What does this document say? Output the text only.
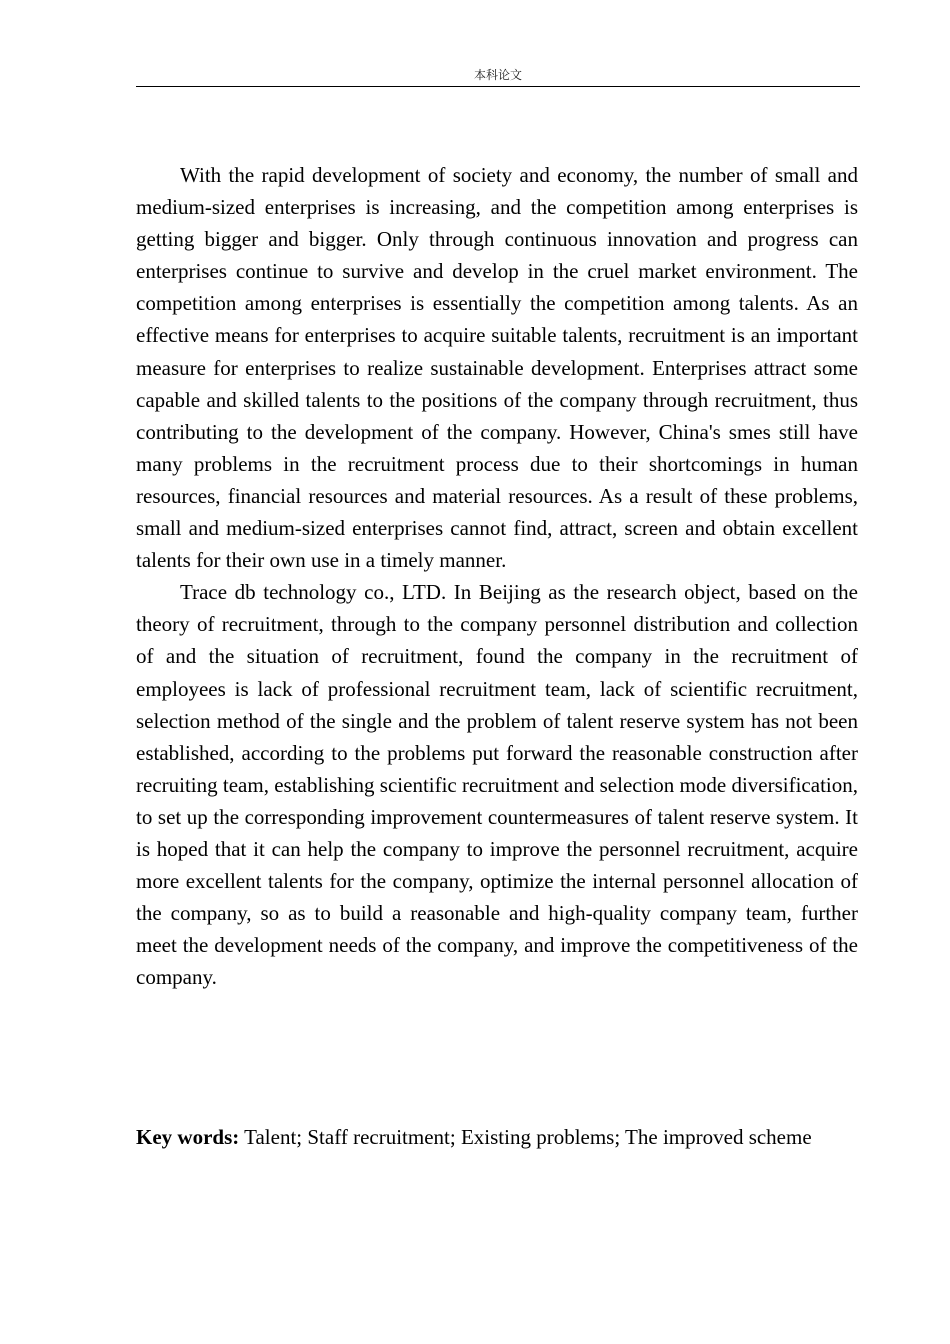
本科论文

With the rapid development of society and economy, the number of small and medium-sized enterprises is increasing, and the competition among enterprises is getting bigger and bigger. Only through continuous innovation and progress can enterprises continue to survive and develop in the cruel market environment. The competition among enterprises is essentially the competition among talents. As an effective means for enterprises to acquire suitable talents, recruitment is an important measure for enterprises to realize sustainable development. Enterprises attract some capable and skilled talents to the positions of the company through recruitment, thus contributing to the development of the company. However, China's smes still have many problems in the recruitment process due to their shortcomings in human resources, financial resources and material resources. As a result of these problems, small and medium-sized enterprises cannot find, attract, screen and obtain excellent talents for their own use in a timely manner.

Trace db technology co., LTD. In Beijing as the research object, based on the theory of recruitment, through to the company personnel distribution and collection of and the situation of recruitment, found the company in the recruitment of employees is lack of professional recruitment team, lack of scientific recruitment, selection method of the single and the problem of talent reserve system has not been established, according to the problems put forward the reasonable construction after recruiting team, establishing scientific recruitment and selection mode diversification, to set up the corresponding improvement countermeasures of talent reserve system. It is hoped that it can help the company to improve the personnel recruitment, acquire more excellent talents for the company, optimize the internal personnel allocation of the company, so as to build a reasonable and high-quality company team, further meet the development needs of the company, and improve the competitiveness of the company.

Key words: Talent; Staff recruitment; Existing problems; The improved scheme
